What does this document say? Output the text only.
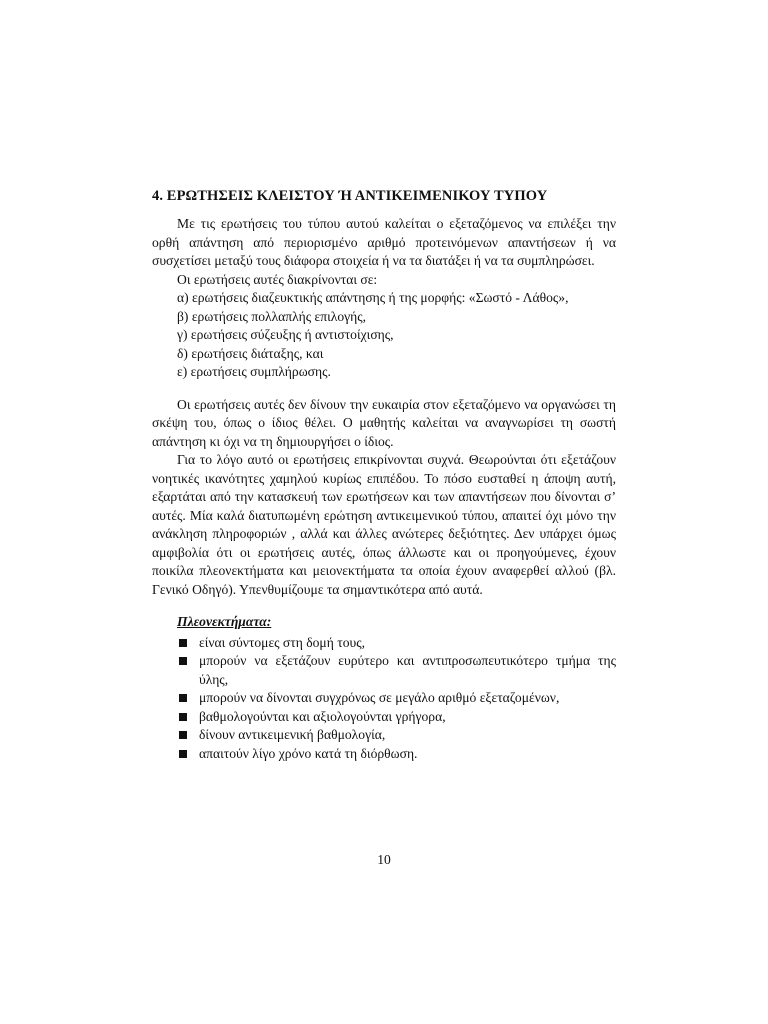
4. ΕΡΩΤΗΣΕΙΣ ΚΛΕΙΣΤΟΥ Ή ΑΝΤΙΚΕΙΜΕΝΙΚΟΥ ΤΥΠΟΥ

Με τις ερωτήσεις του τύπου αυτού καλείται ο εξεταζόμενος να επιλέξει την ορθή απάντηση από περιορισμένο αριθμό προτεινόμενων απαντήσεων ή να συσχετίσει μεταξύ τους διάφορα στοιχεία ή να τα διατάξει ή να τα συμπληρώσει.

Οι ερωτήσεις αυτές διακρίνονται σε:

α) ερωτήσεις διαζευκτικής απάντησης ή της μορφής: «Σωστό - Λάθος»,

β) ερωτήσεις πολλαπλής επιλογής,

γ) ερωτήσεις σύζευξης ή αντιστοίχισης,

δ) ερωτήσεις διάταξης, και

ε) ερωτήσεις συμπλήρωσης.

Οι ερωτήσεις αυτές δεν δίνουν την ευκαιρία στον εξεταζόμενο να οργανώσει τη σκέψη του, όπως ο ίδιος θέλει. Ο μαθητής καλείται να αναγνωρίσει τη σωστή απάντηση κι όχι να τη δημιουργήσει ο ίδιος.

Για το λόγο αυτό οι ερωτήσεις επικρίνονται συχνά. Θεωρούνται ότι εξετάζουν νοητικές ικανότητες χαμηλού κυρίως επιπέδου. Το πόσο ευσταθεί η άποψη αυτή, εξαρτάται από την κατασκευή των ερωτήσεων και των απαντήσεων που δίνονται σ’ αυτές. Μία καλά διατυπωμένη ερώτηση αντικειμενικού τύπου, απαιτεί όχι μόνο την ανάκληση πληροφοριών , αλλά και άλλες ανώτερες δεξιότητες. Δεν υπάρχει όμως αμφιβολία ότι οι ερωτήσεις αυτές, όπως άλλωστε και οι προηγούμενες, έχουν ποικίλα πλεονεκτήματα και μειονεκτήματα τα οποία έχουν αναφερθεί αλλού (βλ. Γενικό Οδηγό). Υπενθυμίζουμε τα σημαντικότερα από αυτά.

Πλεονεκτήματα:

είναι σύντομες στη δομή τους,
μπορούν να εξετάζουν ευρύτερο και αντιπροσωπευτικότερο τμήμα της ύλης,
μπορούν να δίνονται συγχρόνως σε μεγάλο αριθμό εξεταζομένων,
βαθμολογούνται και αξιολογούνται γρήγορα,
δίνουν αντικειμενική βαθμολογία,
απαιτούν λίγο χρόνο κατά τη διόρθωση.
10
